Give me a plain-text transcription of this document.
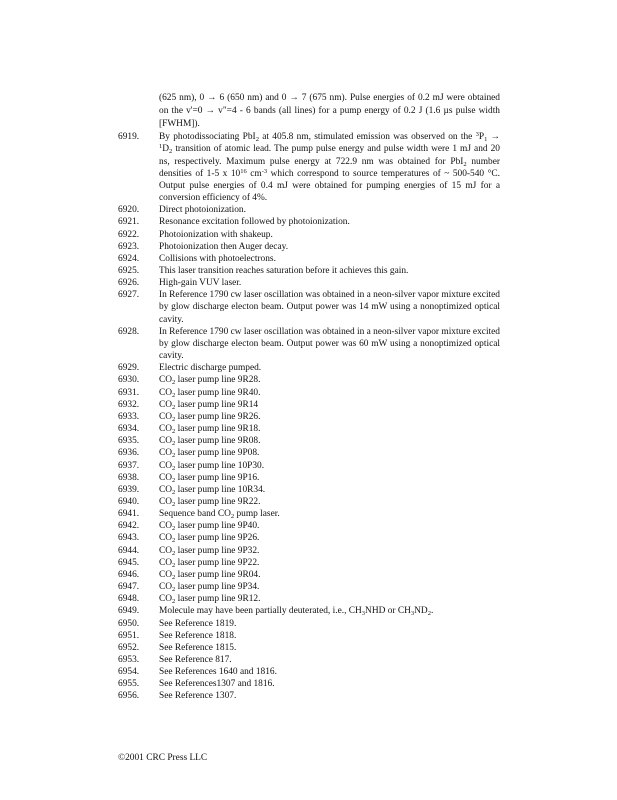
(625 nm), 0 → 6 (650 nm) and 0 → 7 (675 nm). Pulse energies of 0.2 mJ were obtained on the v'=0 → v"=4 - 6 bands (all lines) for a pump energy of 0.2 J (1.6 µs pulse width [FWHM]).
6919.	By photodissociating PbI$_2$ at 405.8 nm, stimulated emission was observed on the $^3P_1 \to ^1D_2$ transition of atomic lead. The pump pulse energy and pulse width were 1 mJ and 20 ns, respectively. Maximum pulse energy at 722.9 nm was obtained for PbI$_2$ number densities of 1-5 x $10^{16}$ $cm^{-3}$ which correspond to source temperatures of ~ 500-540 °C. Output pulse energies of 0.4 mJ were obtained for pumping energies of 15 mJ for a conversion efficiency of 4%.
6920.	Direct photoionization.
6921.	Resonance excitation followed by photoionization.
6922.	Photoionization with shakeup.
6923.	Photoionization then Auger decay.
6924.	Collisions with photoelectrons.
6925.	This laser transition reaches saturation before it achieves this gain.
6926.	High-gain VUV laser.
6927.	In Reference 1790 cw laser oscillation was obtained in a neon-silver vapor mixture excited by glow discharge electon beam. Output power was 14 mW using a nonoptimized optical cavity.
6928.	In Reference 1790 cw laser oscillation was obtained in a neon-silver vapor mixture excited by glow discharge electon beam. Output power was 60 mW using a nonoptimized optical cavity.
6929.	Electric discharge pumped.
6930.	$CO_2$ laser pump line 9R28.
6931.	$CO_2$ laser pump line 9R40.
6932.	$CO_2$ laser pump line 9R14
6933.	$CO_2$ laser pump line 9R26.
6934.	$CO_2$ laser pump line 9R18.
6935.	$CO_2$ laser pump line 9R08.
6936.	$CO_2$ laser pump line 9P08.
6937.	$CO_2$ laser pump line 10P30.
6938.	$CO_2$ laser pump line 9P16.
6939.	$CO_2$ laser pump line 10R34.
6940.	$CO_2$ laser pump line 9R22.
6941.	Sequence band $CO_2$ pump laser.
6942.	$CO_2$ laser pump line 9P40.
6943.	$CO_2$ laser pump line 9P26.
6944.	$CO_2$ laser pump line 9P32.
6945.	$CO_2$ laser pump line 9P22.
6946.	$CO_2$ laser pump line 9R04.
6947.	$CO_2$ laser pump line 9P34.
6948.	$CO_2$ laser pump line 9R12.
6949.	Molecule may have been partially deuterated, i.e., $CH_3NHD$ or $CH_3ND_2$.
6950.	See Reference 1819.
6951.	See Reference 1818.
6952.	See Reference 1815.
6953.	See Reference 817.
6954.	See References 1640 and 1816.
6955.	See References1307 and 1816.
6956.	See Reference 1307.
©2001 CRC Press LLC
